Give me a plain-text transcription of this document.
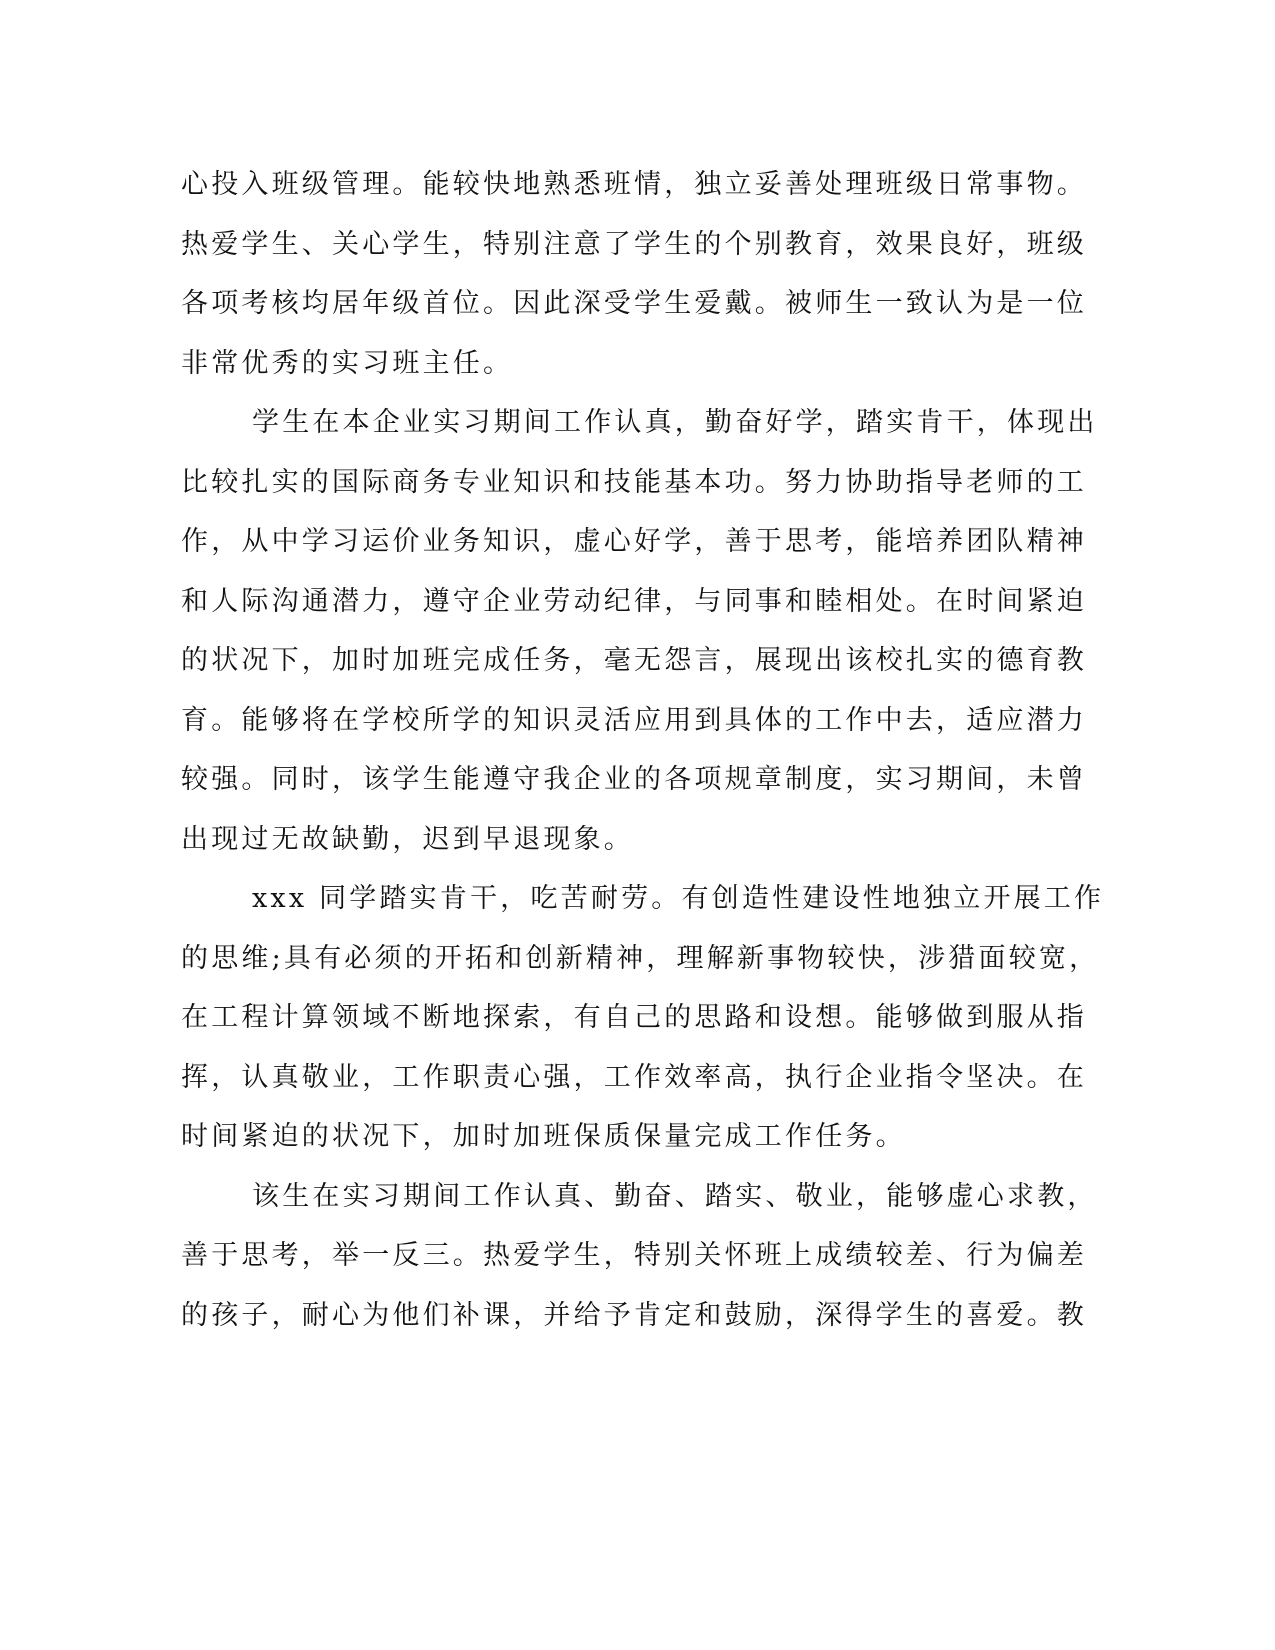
心投入班级管理。能较快地熟悉班情，独立妥善处理班级日常事物。
热爱学生、关心学生，特别注意了学生的个别教育，效果良好，班级
各项考核均居年级首位。因此深受学生爱戴。被师生一致认为是一位
非常优秀的实习班主任。
学生在本企业实习期间工作认真，勤奋好学，踏实肯干，体现出
比较扎实的国际商务专业知识和技能基本功。努力协助指导老师的工
作，从中学习运价业务知识，虚心好学，善于思考，能培养团队精神
和人际沟通潜力，遵守企业劳动纪律，与同事和睦相处。在时间紧迫
的状况下，加时加班完成任务，毫无怨言，展现出该校扎实的德育教
育。能够将在学校所学的知识灵活应用到具体的工作中去，适应潜力
较强。同时，该学生能遵守我企业的各项规章制度，实习期间，未曾
出现过无故缺勤，迟到早退现象。
xxx 同学踏实肯干，吃苦耐劳。有创造性建设性地独立开展工作
的思维;具有必须的开拓和创新精神，理解新事物较快，涉猎面较宽，
在工程计算领域不断地探索，有自己的思路和设想。能够做到服从指
挥，认真敬业，工作职责心强，工作效率高，执行企业指令坚决。在
时间紧迫的状况下，加时加班保质保量完成工作任务。
该生在实习期间工作认真、勤奋、踏实、敬业，能够虚心求教，
善于思考，举一反三。热爱学生，特别关怀班上成绩较差、行为偏差
的孩子，耐心为他们补课，并给予肯定和鼓励，深得学生的喜爱。教
